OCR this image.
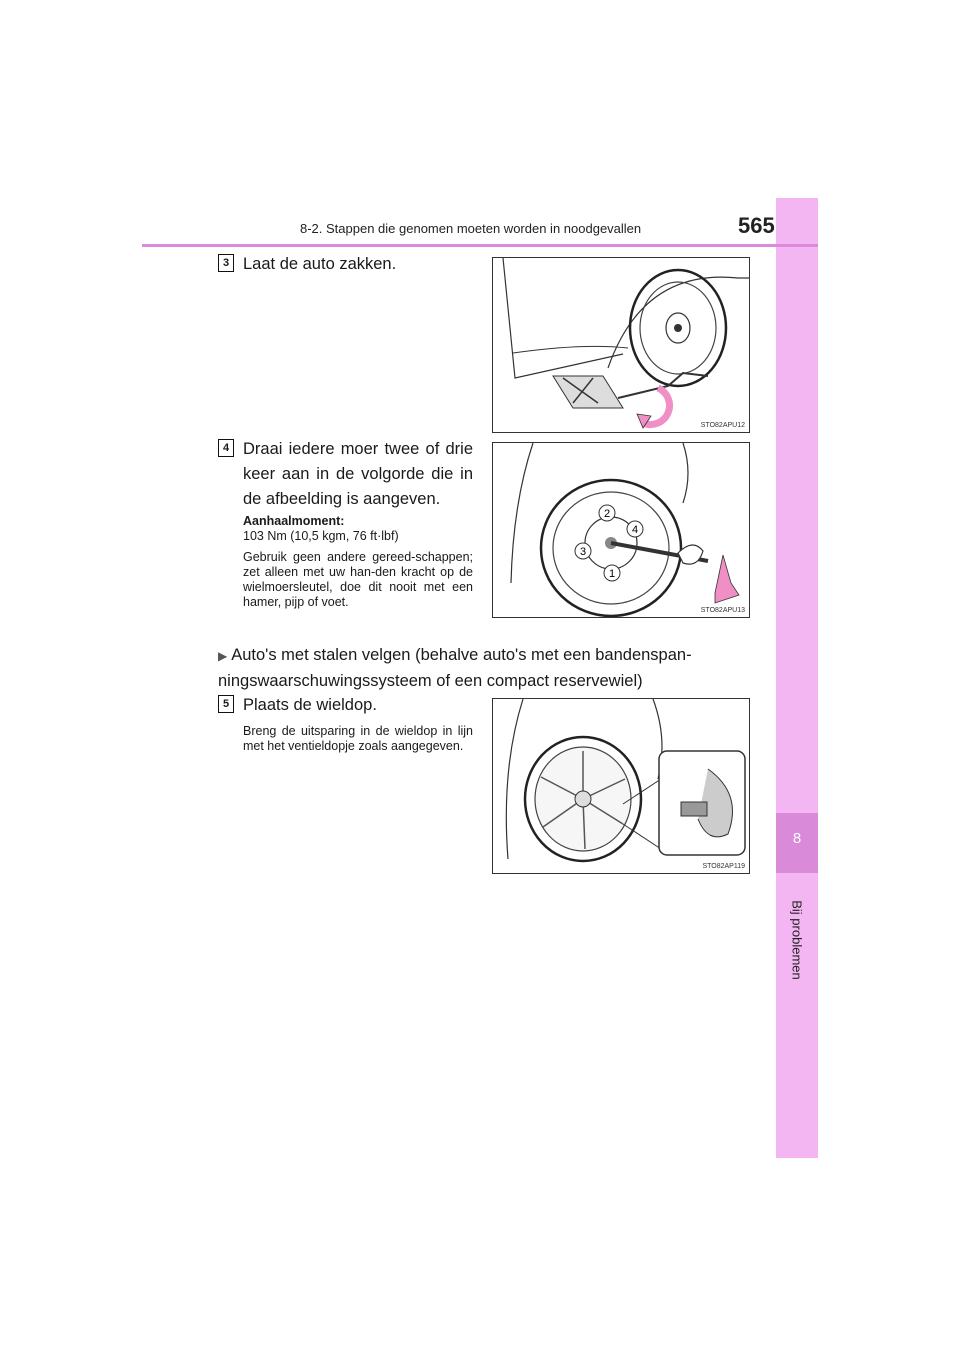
8
Bij problemen
8-2. Stappen die genomen moeten worden in noodgevallen	565
3 Laat de auto zakken.
STO82APU12
4 Draai iedere moer twee of drie keer aan in de volgorde die in de afbeelding is aangeven.
Aanhaalmoment:
103 Nm (10,5 kgm, 76 ft·lbf)
Gebruik geen andere gereed-schappen; zet alleen met uw han-den kracht op de wielmoersleutel, doe dit nooit met een hamer, pijp of voet.
2
4
3
1
STO82APU13
▶ Auto's met stalen velgen (behalve auto's met een bandenspan-ningswaarschuwingssysteem of een compact reservewiel)
5 Plaats de wieldop.
Breng de uitsparing in de wieldop in lijn met het ventieldopje zoals aangegeven.
STO82AP119
